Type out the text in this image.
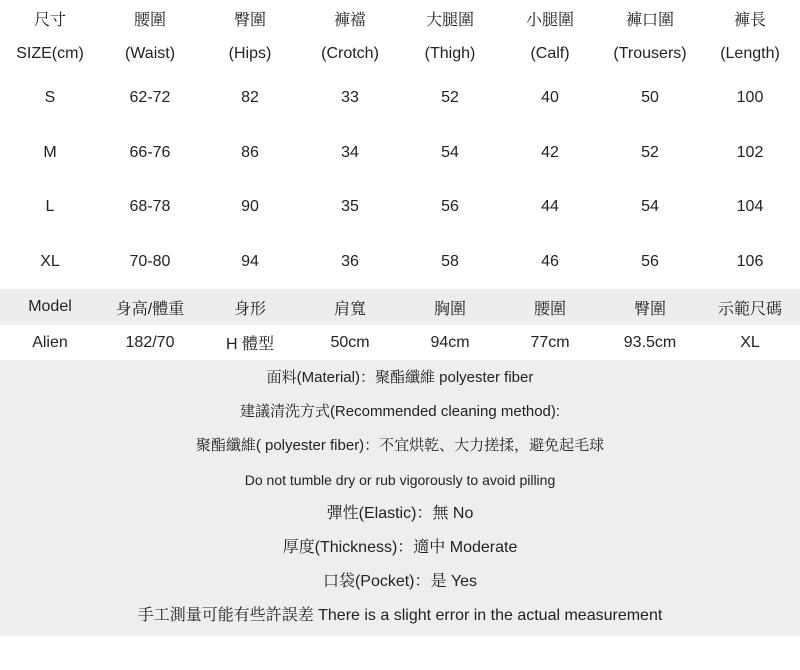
尺寸	腰圍	臀圍	褲襠	大腿圍	小腿圍	褲口圍	褲長
SIZE(cm)	(Waist)	(Hips)	(Crotch)	(Thigh)	(Calf)	(Trousers)	(Length)
S	62-72	82	33	52	40	50	100
M	66-76	86	34	54	42	52	102
L	68-78	90	35	56	44	54	104
XL	70-80	94	36	58	46	56	106
Model	身高/體重	身形	肩寬	胸圍	腰圍	臀圍	示範尺碼
Alien	182/70	H 體型	50cm	94cm	77cm	93.5cm	XL
面料(Material)：聚酯纖維 polyester fiber
建議清洗方式(Recommended cleaning method):
聚酯纖維( polyester fiber)：不宜烘乾、大力搓揉，避免起毛球
Do not tumble dry or rub vigorously to avoid pilling
彈性(Elastic)：無 No
厚度(Thickness)：適中 Moderate
口袋(Pocket)：是 Yes
手工測量可能有些許誤差 There is a slight error in the actual measurement
